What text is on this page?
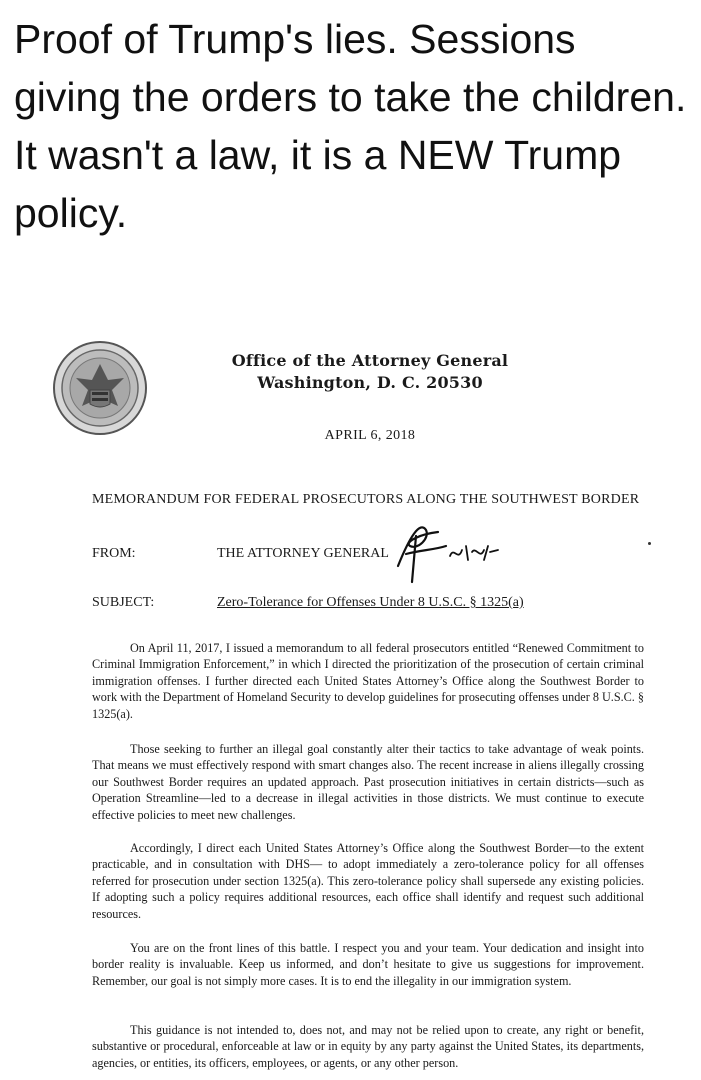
Proof of Trump's lies. Sessions giving the orders to take the children. It wasn't a law, it is a NEW Trump policy.
Office of the Attorney General
Washington, D. C. 20530
APRIL 6, 2018
MEMORANDUM FOR FEDERAL PROSECUTORS ALONG THE SOUTHWEST BORDER
FROM:	THE ATTORNEY GENERAL
SUBJECT:	Zero-Tolerance for Offenses Under 8 U.S.C. § 1325(a)

On April 11, 2017, I issued a memorandum to all federal prosecutors entitled “Renewed Commitment to Criminal Immigration Enforcement,” in which I directed the prioritization of the prosecution of certain criminal immigration offenses. I further directed each United States Attorney’s Office along the Southwest Border to work with the Department of Homeland Security to develop guidelines for prosecuting offenses under 8 U.S.C. § 1325(a).

Those seeking to further an illegal goal constantly alter their tactics to take advantage of weak points. That means we must effectively respond with smart changes also. The recent increase in aliens illegally crossing our Southwest Border requires an updated approach. Past prosecution initiatives in certain districts—such as Operation Streamline—led to a decrease in illegal activities in those districts. We must continue to execute effective policies to meet new challenges.

Accordingly, I direct each United States Attorney’s Office along the Southwest Border—to the extent practicable, and in consultation with DHS— to adopt immediately a zero-tolerance policy for all offenses referred for prosecution under section 1325(a). This zero-tolerance policy shall supersede any existing policies. If adopting such a policy requires additional resources, each office shall identify and request such additional resources.

You are on the front lines of this battle. I respect you and your team. Your dedication and insight into border reality is invaluable. Keep us informed, and don’t hesitate to give us suggestions for improvement. Remember, our goal is not simply more cases. It is to end the illegality in our immigration system.

This guidance is not intended to, does not, and may not be relied upon to create, any right or benefit, substantive or procedural, enforceable at law or in equity by any party against the United States, its departments, agencies, or entities, its officers, employees, or agents, or any other person.
